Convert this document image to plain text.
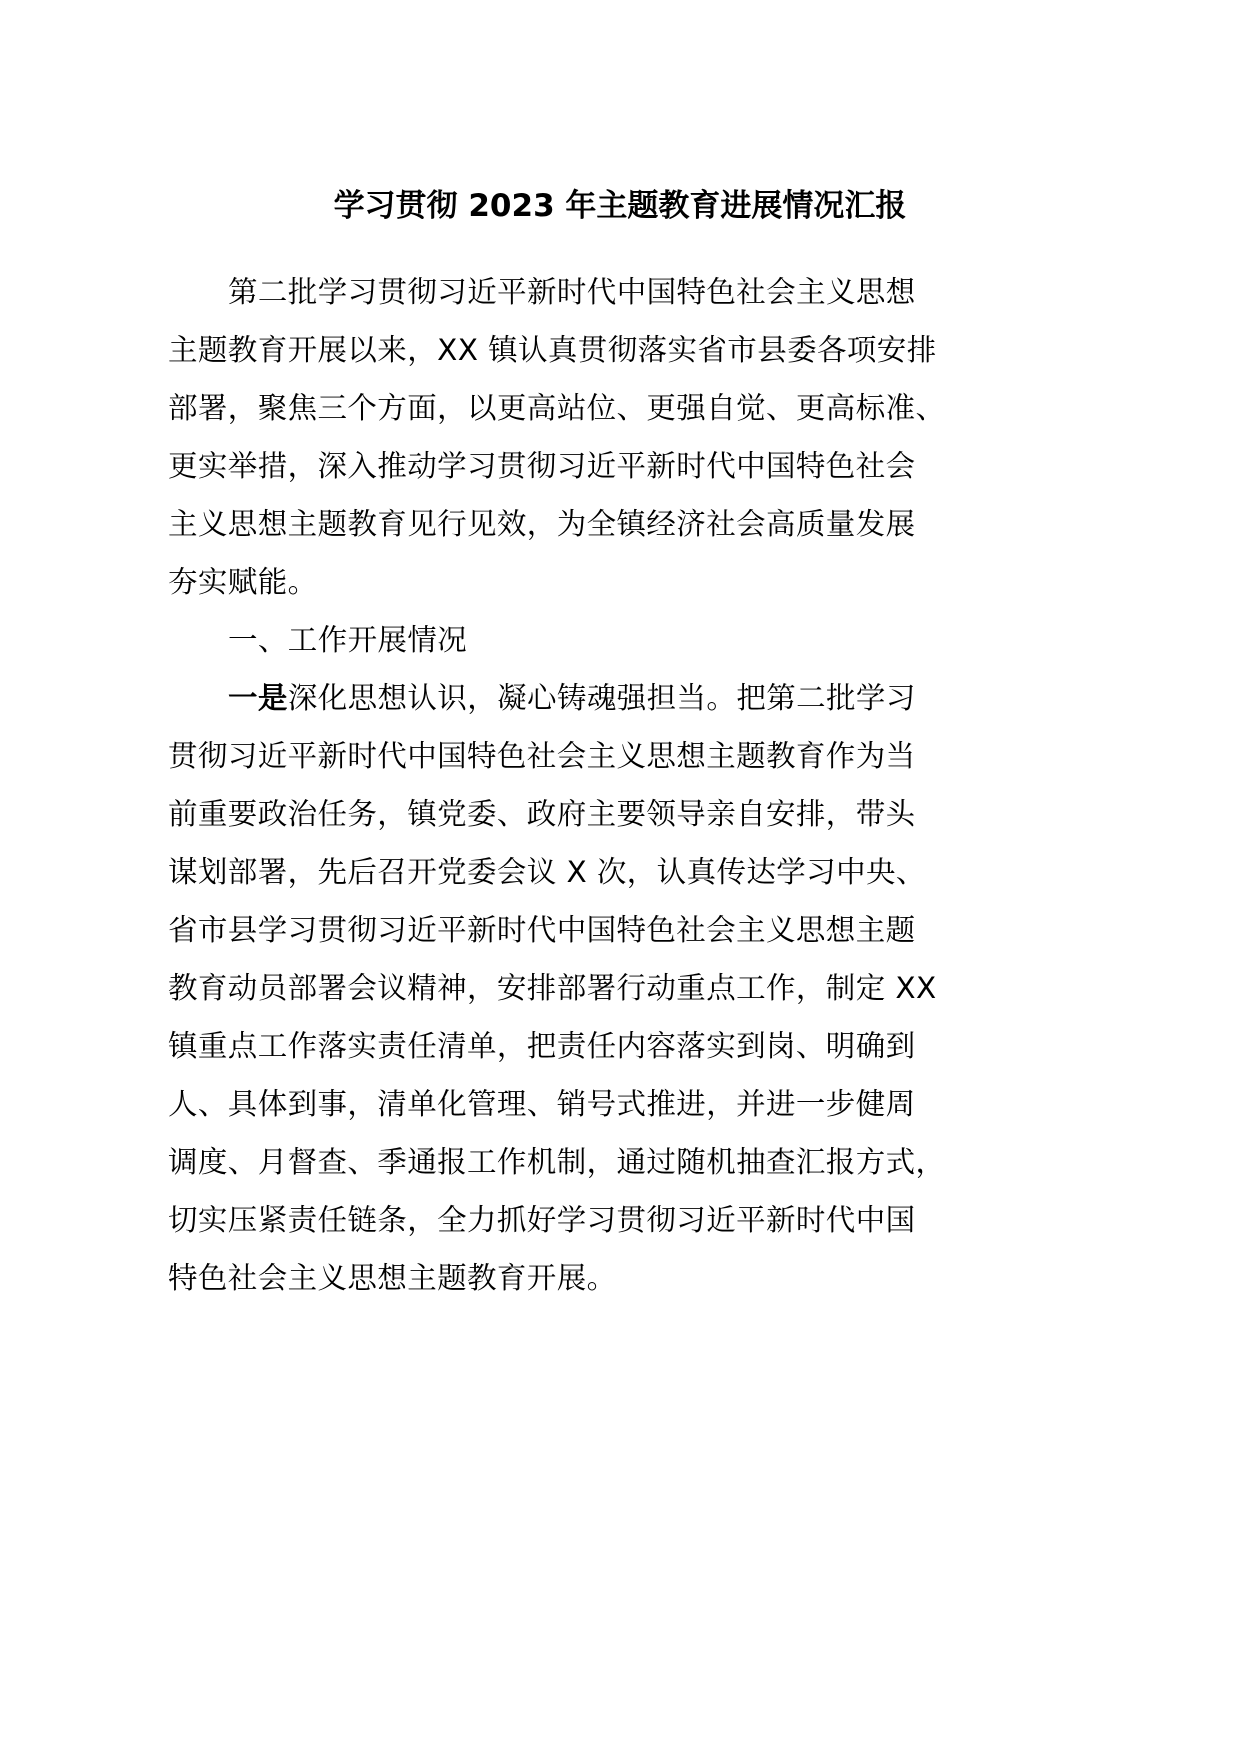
学习贯彻 2023 年主题教育进展情况汇报
第二批学习贯彻习近平新时代中国特色社会主义思想
主题教育开展以来，XX 镇认真贯彻落实省市县委各项安排
部署，聚焦三个方面，以更高站位、更强自觉、更高标准、
更实举措，深入推动学习贯彻习近平新时代中国特色社会
主义思想主题教育见行见效，为全镇经济社会高质量发展
夯实赋能。
一、工作开展情况
一是深化思想认识，凝心铸魂强担当。把第二批学习
贯彻习近平新时代中国特色社会主义思想主题教育作为当
前重要政治任务，镇党委、政府主要领导亲自安排，带头
谋划部署，先后召开党委会议 X 次，认真传达学习中央、
省市县学习贯彻习近平新时代中国特色社会主义思想主题
教育动员部署会议精神，安排部署行动重点工作，制定 XX
镇重点工作落实责任清单，把责任内容落实到岗、明确到
人、具体到事，清单化管理、销号式推进，并进一步健周
调度、月督查、季通报工作机制，通过随机抽查汇报方式，
切实压紧责任链条，全力抓好学习贯彻习近平新时代中国
特色社会主义思想主题教育开展。
